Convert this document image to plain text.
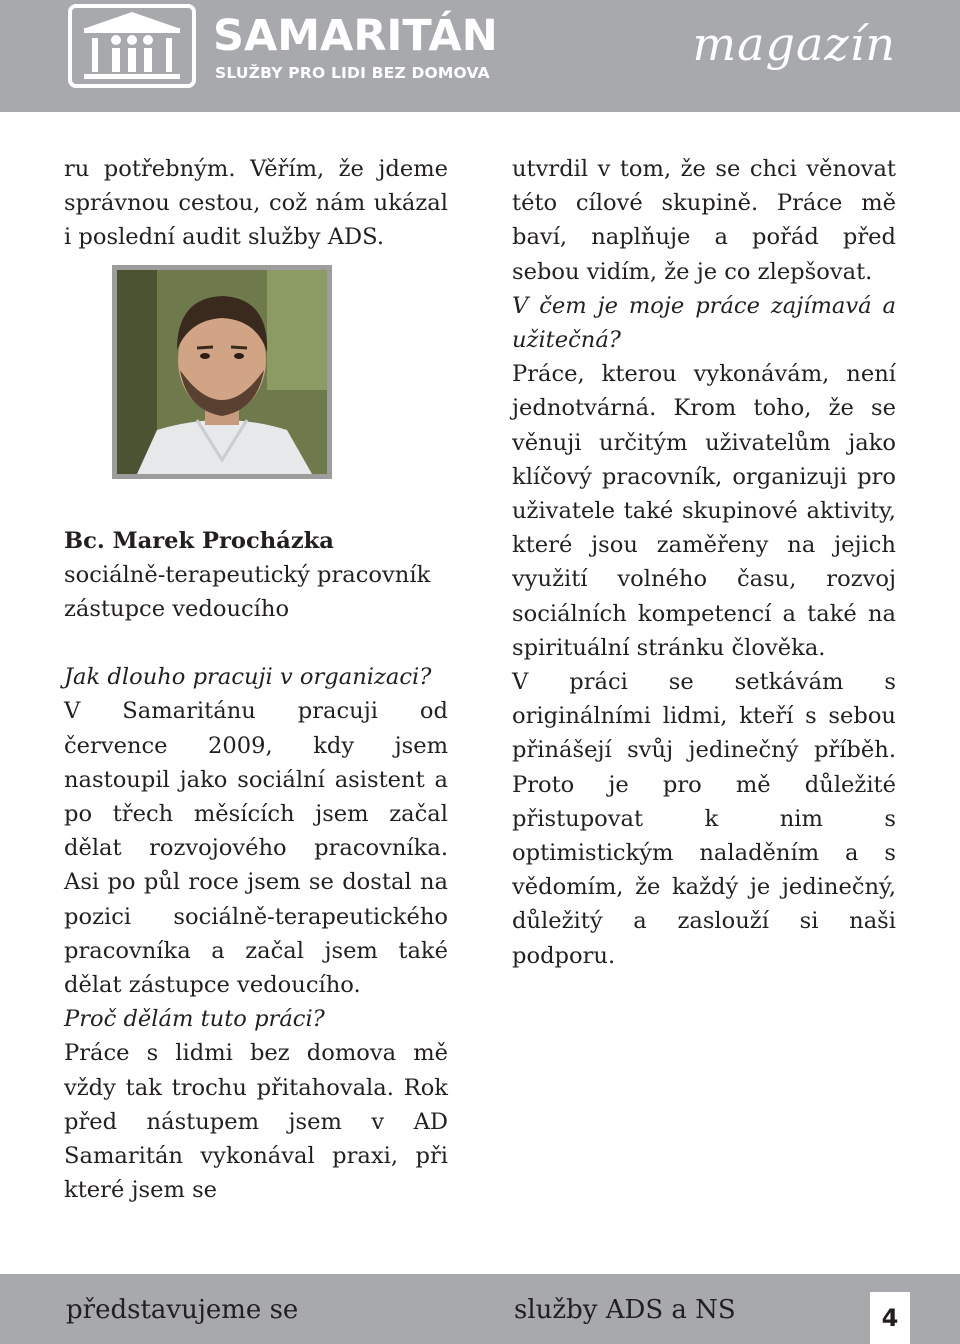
SAMARITÁN
SLUŽBY PRO LIDI BEZ DOMOVA
magazín

ru potřebným. Věřím, že jdeme správnou cestou, což nám ukázal i poslední audit služby ADS.

Bc. Marek Procházka

sociálně-terapeutický pracovník

zástupce vedoucího

Jak dlouho pracuji v organizaci?

V Samaritánu pracuji od července 2009, kdy jsem nastoupil jako sociální asistent a po třech měsících jsem začal dělat rozvojového pracovníka. Asi po půl roce jsem se dostal na pozici sociálně-terapeutického pracovníka a začal jsem také dělat zástupce vedoucího.

Proč dělám tuto práci?

Práce s lidmi bez domova mě vždy tak trochu přitahovala. Rok před nástupem jsem v AD Samaritán vykonával praxi, při které jsem se

utvrdil v tom, že se chci věnovat této cílové skupině. Práce mě baví, naplňuje a pořád před sebou vidím, že je co zlepšovat.

V čem je moje práce zajímavá a užitečná?

Práce, kterou vykonávám, není jednotvárná. Krom toho, že se věnuji určitým uživatelům jako klíčový pracovník, organizuji pro uživatele také skupinové aktivity, které jsou zaměřeny na jejich využití volného času, rozvoj sociálních kompetencí a také na spirituální stránku člověka.

V práci se setkávám s originálními lidmi, kteří s sebou přinášejí svůj jedinečný příběh. Proto je pro mě důležité přistupovat k nim s optimistickým naladěním a s vědomím, že každý je jedinečný, důležitý a zaslouží si naši podporu.

představujeme se	služby ADS a NS	4
